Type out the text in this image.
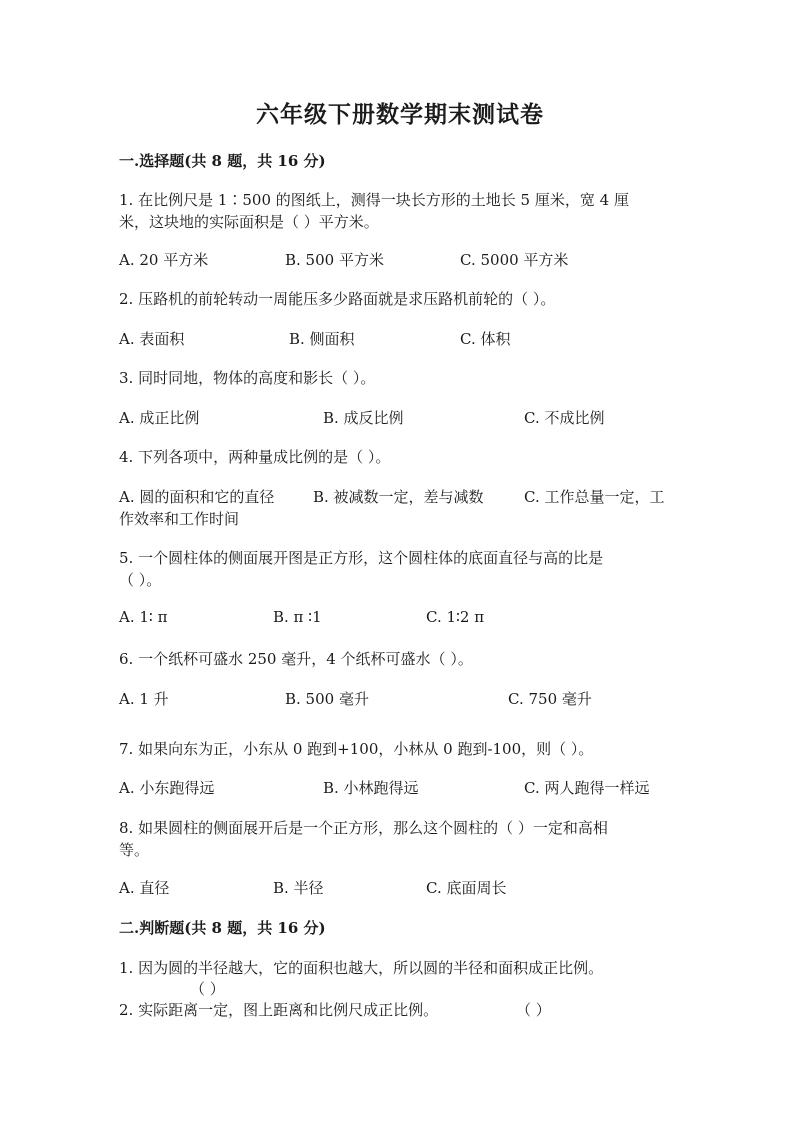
六年级下册数学期末测试卷
一.选择题(共 8 题，共 16 分)
1. 在比例尺是 1∶500 的图纸上，测得一块长方形的土地长 5 厘米，宽 4 厘
米，这块地的实际面积是（ ）平方米。
A. 20 平方米	B. 500 平方米	C. 5000 平方米
2. 压路机的前轮转动一周能压多少路面就是求压路机前轮的（ ）。
A. 表面积	B. 侧面积	C. 体积
3. 同时同地，物体的高度和影长（ ）。
A. 成正比例	B. 成反比例	C. 不成比例
4. 下列各项中，两种量成比例的是（ ）。
A. 圆的面积和它的直径	B. 被减数一定，差与减数	C. 工作总量一定，工
作效率和工作时间
5. 一个圆柱体的侧面展开图是正方形，这个圆柱体的底面直径与高的比是
（ ）。
A. 1∶ π	B. π ∶1	C. 1∶2 π
6. 一个纸杯可盛水 250 毫升，4 个纸杯可盛水（ ）。
A. 1 升	B. 500 毫升	C. 750 毫升
7. 如果向东为正，小东从 0 跑到+100，小林从 0 跑到-100，则（ ）。
A. 小东跑得远	B. 小林跑得远	C. 两人跑得一样远
8. 如果圆柱的侧面展开后是一个正方形，那么这个圆柱的（ ）一定和高相
等。
A. 直径	B. 半径	C. 底面周长
二.判断题(共 8 题，共 16 分)
1. 因为圆的半径越大，它的面积也越大，所以圆的半径和面积成正比例。
（ ）
2. 实际距离一定，图上距离和比例尺成正比例。	（ ）
